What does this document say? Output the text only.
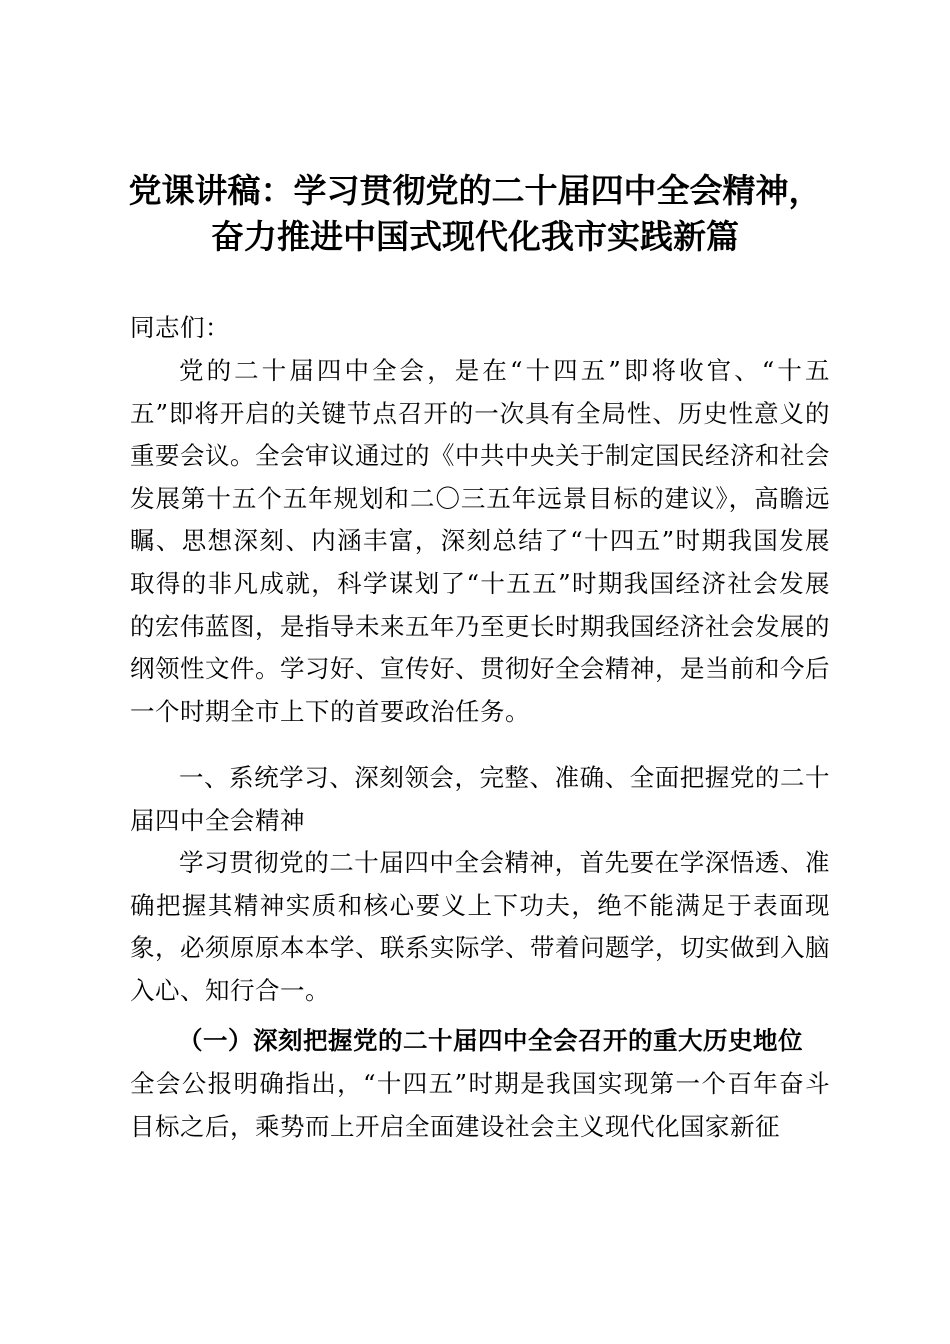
党课讲稿：学习贯彻党的二十届四中全会精神，
奋力推进中国式现代化我市实践新篇
同志们：
党的二十届四中全会，是在“十四五”即将收官、“十五五”即将开启的关键节点召开的一次具有全局性、历史性意义的重要会议。全会审议通过的《中共中央关于制定国民经济和社会发展第十五个五年规划和二〇三五年远景目标的建议》，高瞻远瞩、思想深刻、内涵丰富，深刻总结了“十四五”时期我国发展取得的非凡成就，科学谋划了“十五五”时期我国经济社会发展的宏伟蓝图，是指导未来五年乃至更长时期我国经济社会发展的纲领性文件。学习好、宣传好、贯彻好全会精神，是当前和今后一个时期全市上下的首要政治任务。
一、系统学习、深刻领会，完整、准确、全面把握党的二十届四中全会精神
学习贯彻党的二十届四中全会精神，首先要在学深悟透、准确把握其精神实质和核心要义上下功夫，绝不能满足于表面现象，必须原原本本学、联系实际学、带着问题学，切实做到入脑入心、知行合一。
（一）深刻把握党的二十届四中全会召开的重大历史地位
全会公报明确指出，“十四五”时期是我国实现第一个百年奋斗目标之后，乘势而上开启全面建设社会主义现代化国家新征
